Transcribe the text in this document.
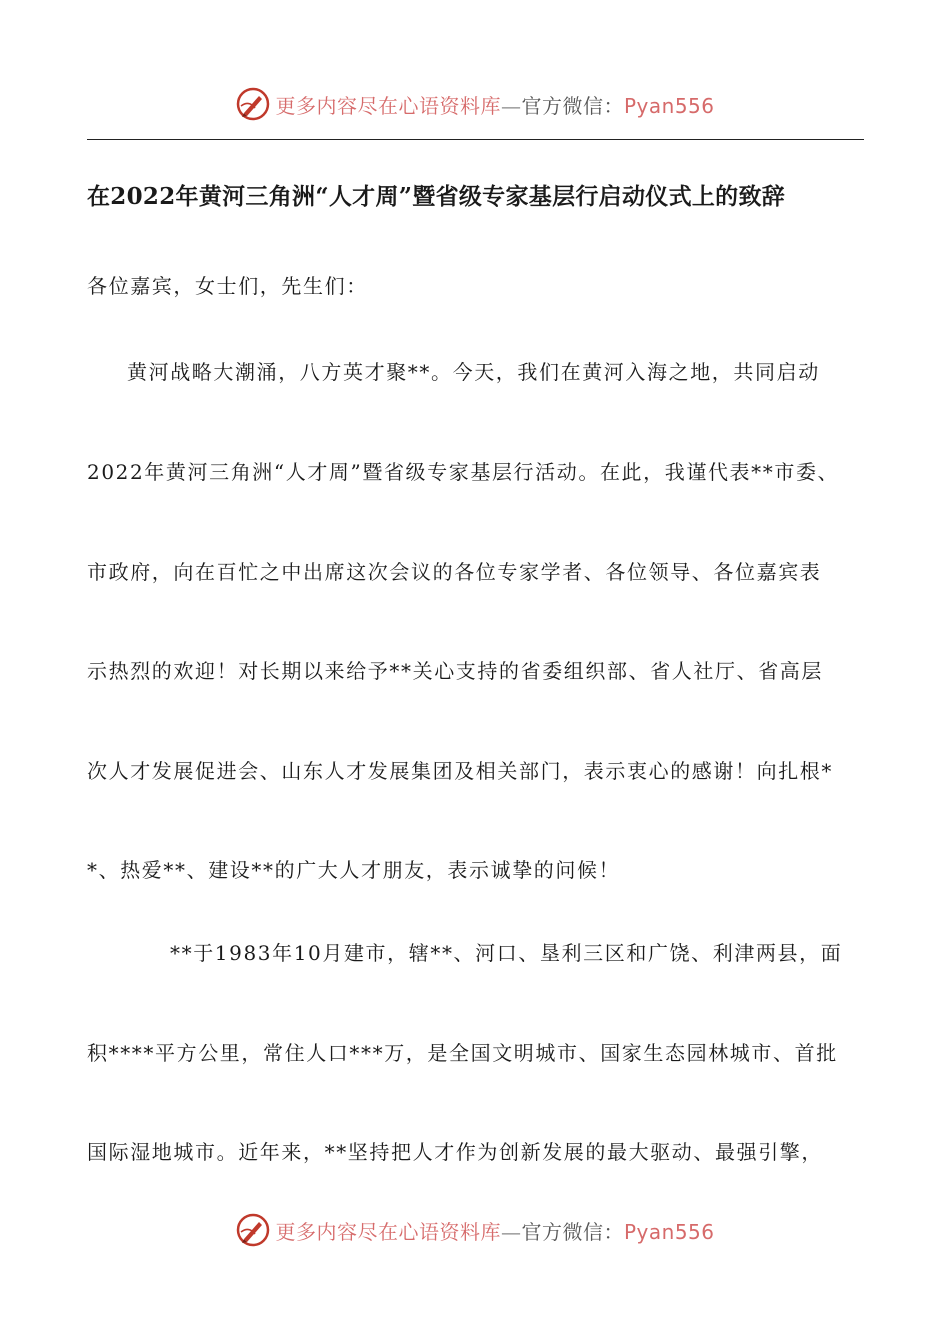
更多内容尽在心语资料库—官方微信：Pyan556
在2022年黄河三角洲“人才周”暨省级专家基层行启动仪式上的致辞
各位嘉宾，女士们，先生们：
黄河战略大潮涌，八方英才聚**。今天，我们在黄河入海之地，共同启动
2022年黄河三角洲“人才周”暨省级专家基层行活动。在此，我谨代表**市委、
市政府，向在百忙之中出席这次会议的各位专家学者、各位领导、各位嘉宾表
示热烈的欢迎！对长期以来给予**关心支持的省委组织部、省人社厅、省高层
次人才发展促进会、山东人才发展集团及相关部门，表示衷心的感谢！向扎根*
*、热爱**、建设**的广大人才朋友，表示诚挚的问候！
**于1983年10月建市，辖**、河口、垦利三区和广饶、利津两县，面
积****平方公里，常住人口***万，是全国文明城市、国家生态园林城市、首批
国际湿地城市。近年来，**坚持把人才作为创新发展的最大驱动、最强引擎，
更多内容尽在心语资料库—官方微信：Pyan556
